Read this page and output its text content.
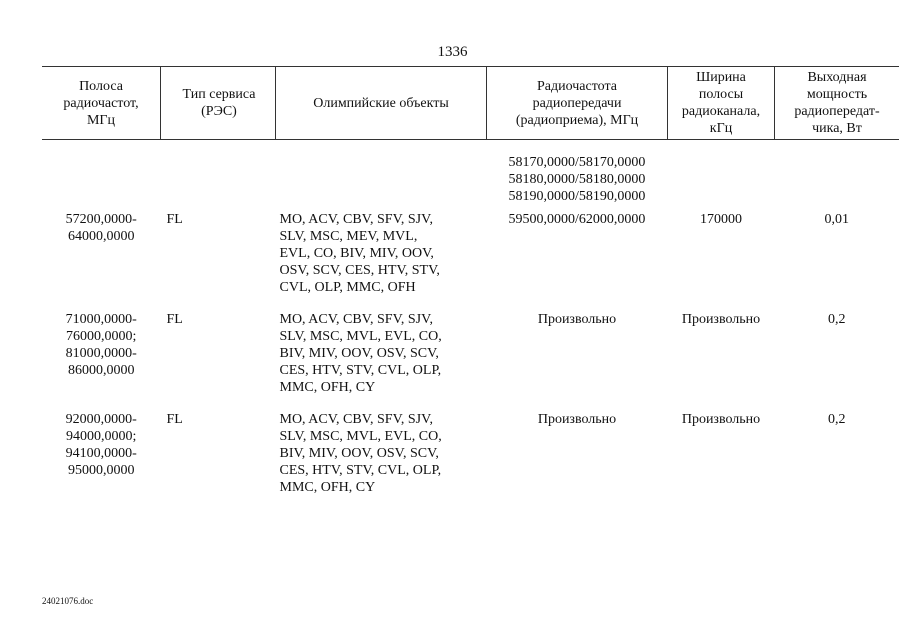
1336
Полоса
радиочастот,
МГц	Тип сервиса
(РЭС)	Олимпийские объекты	Радиочастота
радиопередачи
(радиоприема), МГц	Ширина
полосы
радиоканала,
кГц	Выходная
мощность
радиопередат-
чика, Вт
			58170,0000/58170,0000
58180,0000/58180,0000
58190,0000/58190,0000		
57200,0000-
64000,0000	FL	MO, ACV, CBV, SFV, SJV,
SLV, MSC, MEV, MVL,
EVL, CO, BIV, MIV, OOV,
OSV, SCV, CES, HTV, STV,
CVL, OLP, MMC, OFH	59500,0000/62000,0000	170000	0,01
71000,0000-
76000,0000;
81000,0000-
86000,0000	FL	MO, ACV, CBV, SFV, SJV,
SLV, MSC, MVL, EVL, CO,
BIV, MIV, OOV, OSV, SCV,
CES, HTV, STV, CVL, OLP,
MMC, OFH, CY	Произвольно	Произвольно	0,2
92000,0000-
94000,0000;
94100,0000-
95000,0000	FL	MO, ACV, CBV, SFV, SJV,
SLV, MSC, MVL, EVL, CO,
BIV, MIV, OOV, OSV, SCV,
CES, HTV, STV, CVL, OLP,
MMC, OFH, CY	Произвольно	Произвольно	0,2
24021076.doc
